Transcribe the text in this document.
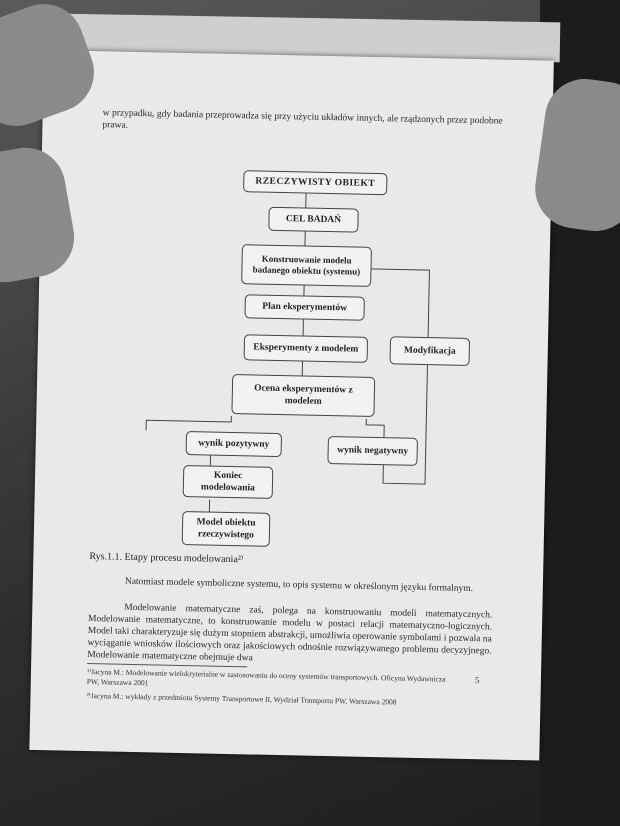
w przypadku, gdy badania przeprowadza się przy użyciu układów innych, ale rządzonych przez podobne prawa.
RZECZYWISTY OBIEKT
CEL BADAŃ
Konstruowanie modelu badanego obiektu (systemu)
Plan eksperymentów
Eksperymenty z modelem	Modyfikacja
Ocena eksperymentów z modelem
wynik pozytywny
wynik negatywny
Koniec modelowania
Model obiektu rzeczywistego
Rys.1.1. Etapy procesu modelowania²⁾
Natomiast modele symboliczne systemu, to opis systemu w określonym języku formalnym.
Modelowanie matematyczne zaś, polega na konstruowaniu modeli matematycznych. Modelowanie matematyczne, to konstruowanie modelu w postaci relacji matematyczno-logicznych. Model taki charakteryzuje się dużym stopniem abstrakcji, umożliwia operowanie symbolami i pozwala na wyciąganie wniosków ilościowych oraz jakościowych odnośnie rozwiązywanego problemu decyzyjnego. Modelowanie matematyczne obejmuje dwa
¹⁾Jacyna M.: Modelowanie wielokryterialne w zastosowaniu do oceny systemów transportowych. Oficyna Wydawnicza PW, Warszawa 2001
²⁾Jacyna M.: wykłady z przedmiotu Systemy Transportowe II, Wydział Transportu PW, Warszawa 2008
5
